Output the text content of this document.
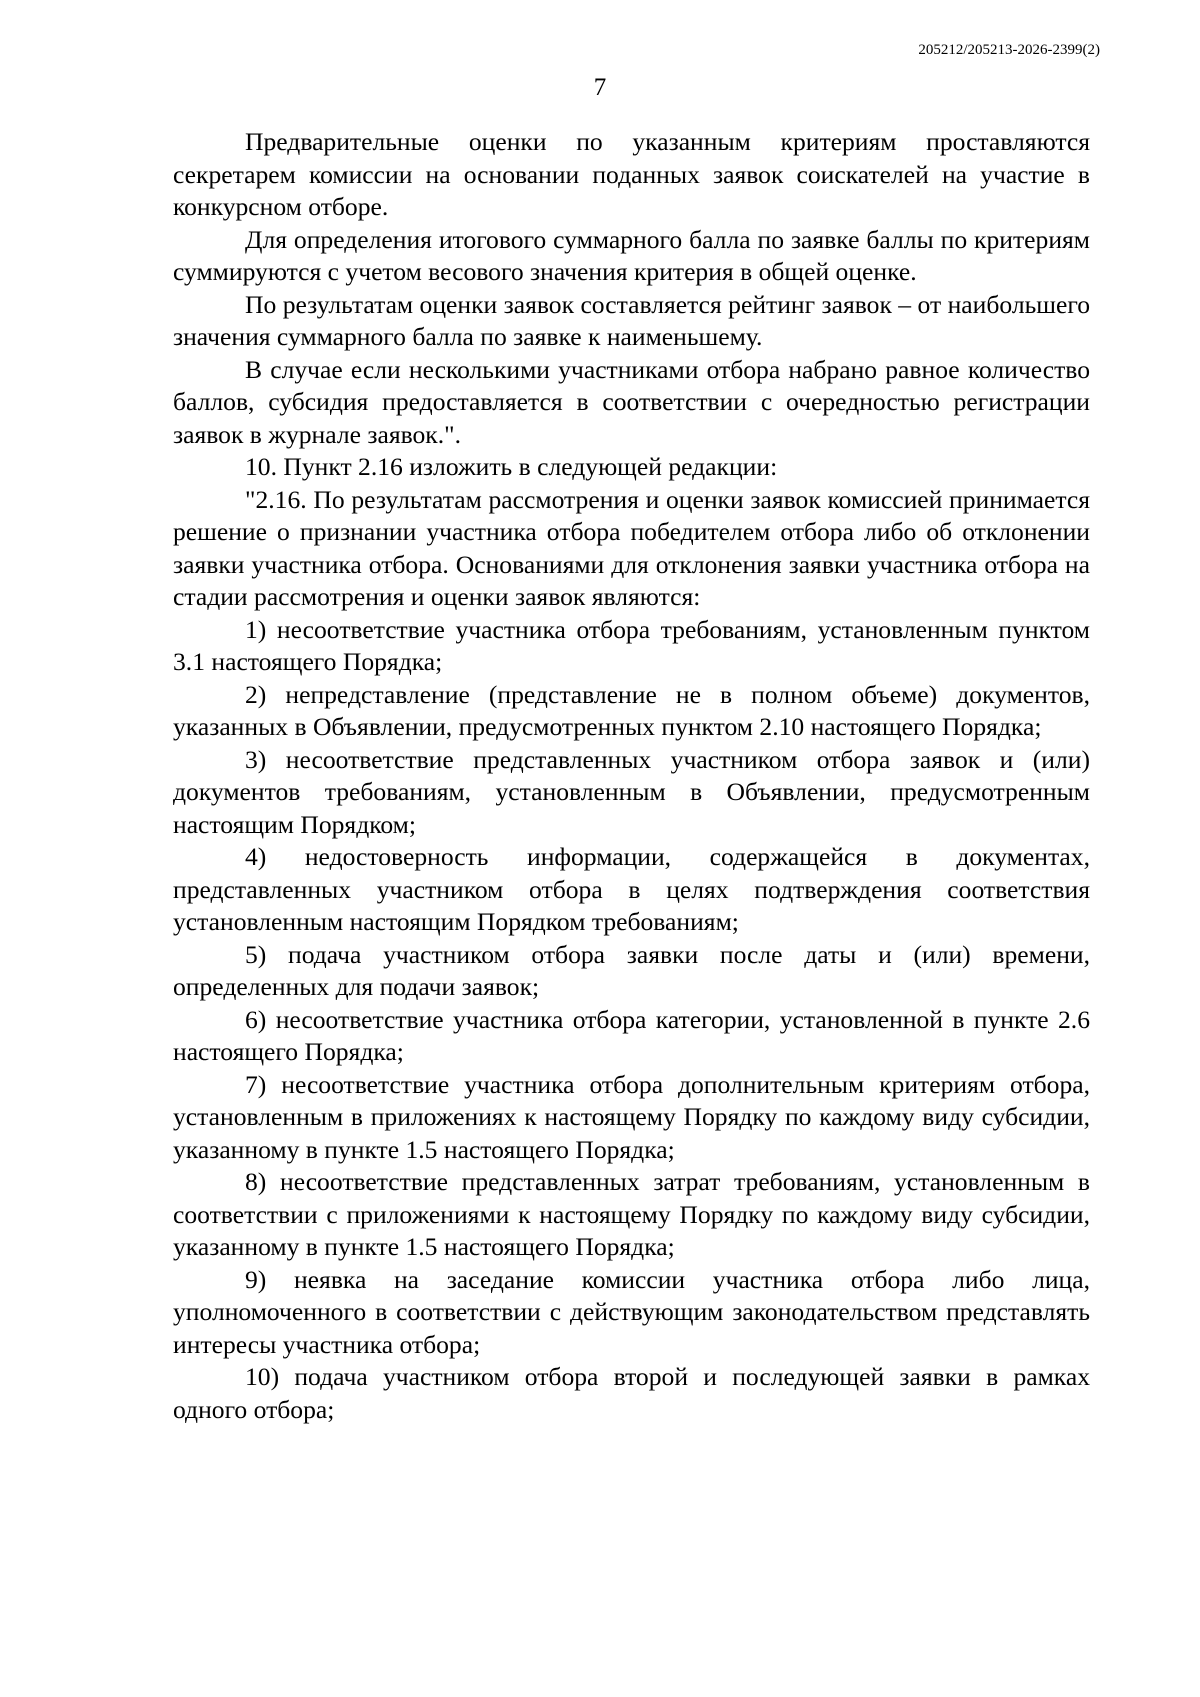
205212/205213-2026-2399(2)
7

Предварительные оценки по указанным критериям проставляются секретарем комиссии на основании поданных заявок соискателей на участие в конкурсном отборе.

Для определения итогового суммарного балла по заявке баллы по критериям суммируются с учетом весового значения критерия в общей оценке.

По результатам оценки заявок составляется рейтинг заявок – от наибольшего значения суммарного балла по заявке к наименьшему.

В случае если несколькими участниками отбора набрано равное количество баллов, субсидия предоставляется в соответствии с очередностью регистрации заявок в журнале заявок.".

10. Пункт 2.16 изложить в следующей редакции:

"2.16. По результатам рассмотрения и оценки заявок комиссией принимается решение о признании участника отбора победителем отбора либо об отклонении заявки участника отбора. Основаниями для отклонения заявки участника отбора на стадии рассмотрения и оценки заявок являются:

1) несоответствие участника отбора требованиям, установленным пунктом 3.1 настоящего Порядка;

2) непредставление (представление не в полном объеме) документов, указанных в Объявлении, предусмотренных пунктом 2.10 настоящего Порядка;

3) несоответствие представленных участником отбора заявок и (или) документов требованиям, установленным в Объявлении, предусмотренным настоящим Порядком;

4) недостоверность информации, содержащейся в документах, представленных участником отбора в целях подтверждения соответствия установленным настоящим Порядком требованиям;

5) подача участником отбора заявки после даты и (или) времени, определенных для подачи заявок;

6) несоответствие участника отбора категории, установленной в пункте 2.6 настоящего Порядка;

7) несоответствие участника отбора дополнительным критериям отбора, установленным в приложениях к настоящему Порядку по каждому виду субсидии, указанному в пункте 1.5 настоящего Порядка;

8) несоответствие представленных затрат требованиям, установленным в соответствии с приложениями к настоящему Порядку по каждому виду субсидии, указанному в пункте 1.5 настоящего Порядка;

9) неявка на заседание комиссии участника отбора либо лица, уполномоченного в соответствии с действующим законодательством представлять интересы участника отбора;

10) подача участником отбора второй и последующей заявки в рамках одного отбора;
